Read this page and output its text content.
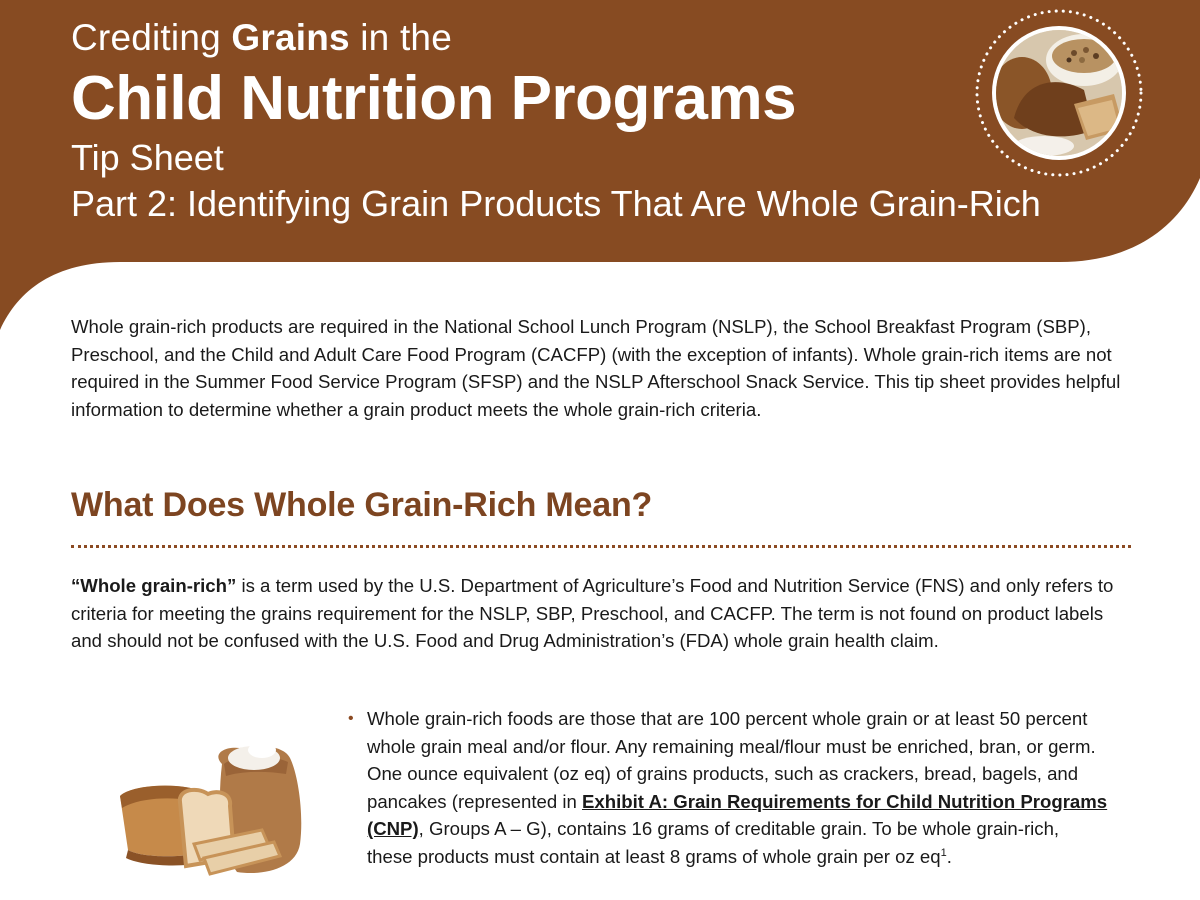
Crediting Grains in the
Child Nutrition Programs
Tip Sheet
Part 2: Identifying Grain Products That Are Whole Grain-Rich

Whole grain-rich products are required in the National School Lunch Program (NSLP), the School Breakfast Program (SBP), Preschool, and the Child and Adult Care Food Program (CACFP) (with the exception of infants). Whole grain-rich items are not required in the Summer Food Service Program (SFSP) and the NSLP Afterschool Snack Service. This tip sheet provides helpful information to determine whether a grain product meets the whole grain-rich criteria.

What Does Whole Grain-Rich Mean?

“Whole grain-rich” is a term used by the U.S. Department of Agriculture’s Food and Nutrition Service (FNS) and only refers to criteria for meeting the grains requirement for the NSLP, SBP, Preschool, and CACFP. The term is not found on product labels and should not be confused with the U.S. Food and Drug Administration’s (FDA) whole grain health claim.

• Whole grain-rich foods are those that are 100 percent whole grain or at least 50 percent whole grain meal and/or flour. Any remaining meal/flour must be enriched, bran, or germ. One ounce equivalent (oz eq) of grains products, such as crackers, bread, bagels, and pancakes (represented in Exhibit A: Grain Requirements for Child Nutrition Programs (CNP), Groups A – G), contains 16 grams of creditable grain. To be whole grain-rich, these products must contain at least 8 grams of whole grain per oz $eq^1$.
